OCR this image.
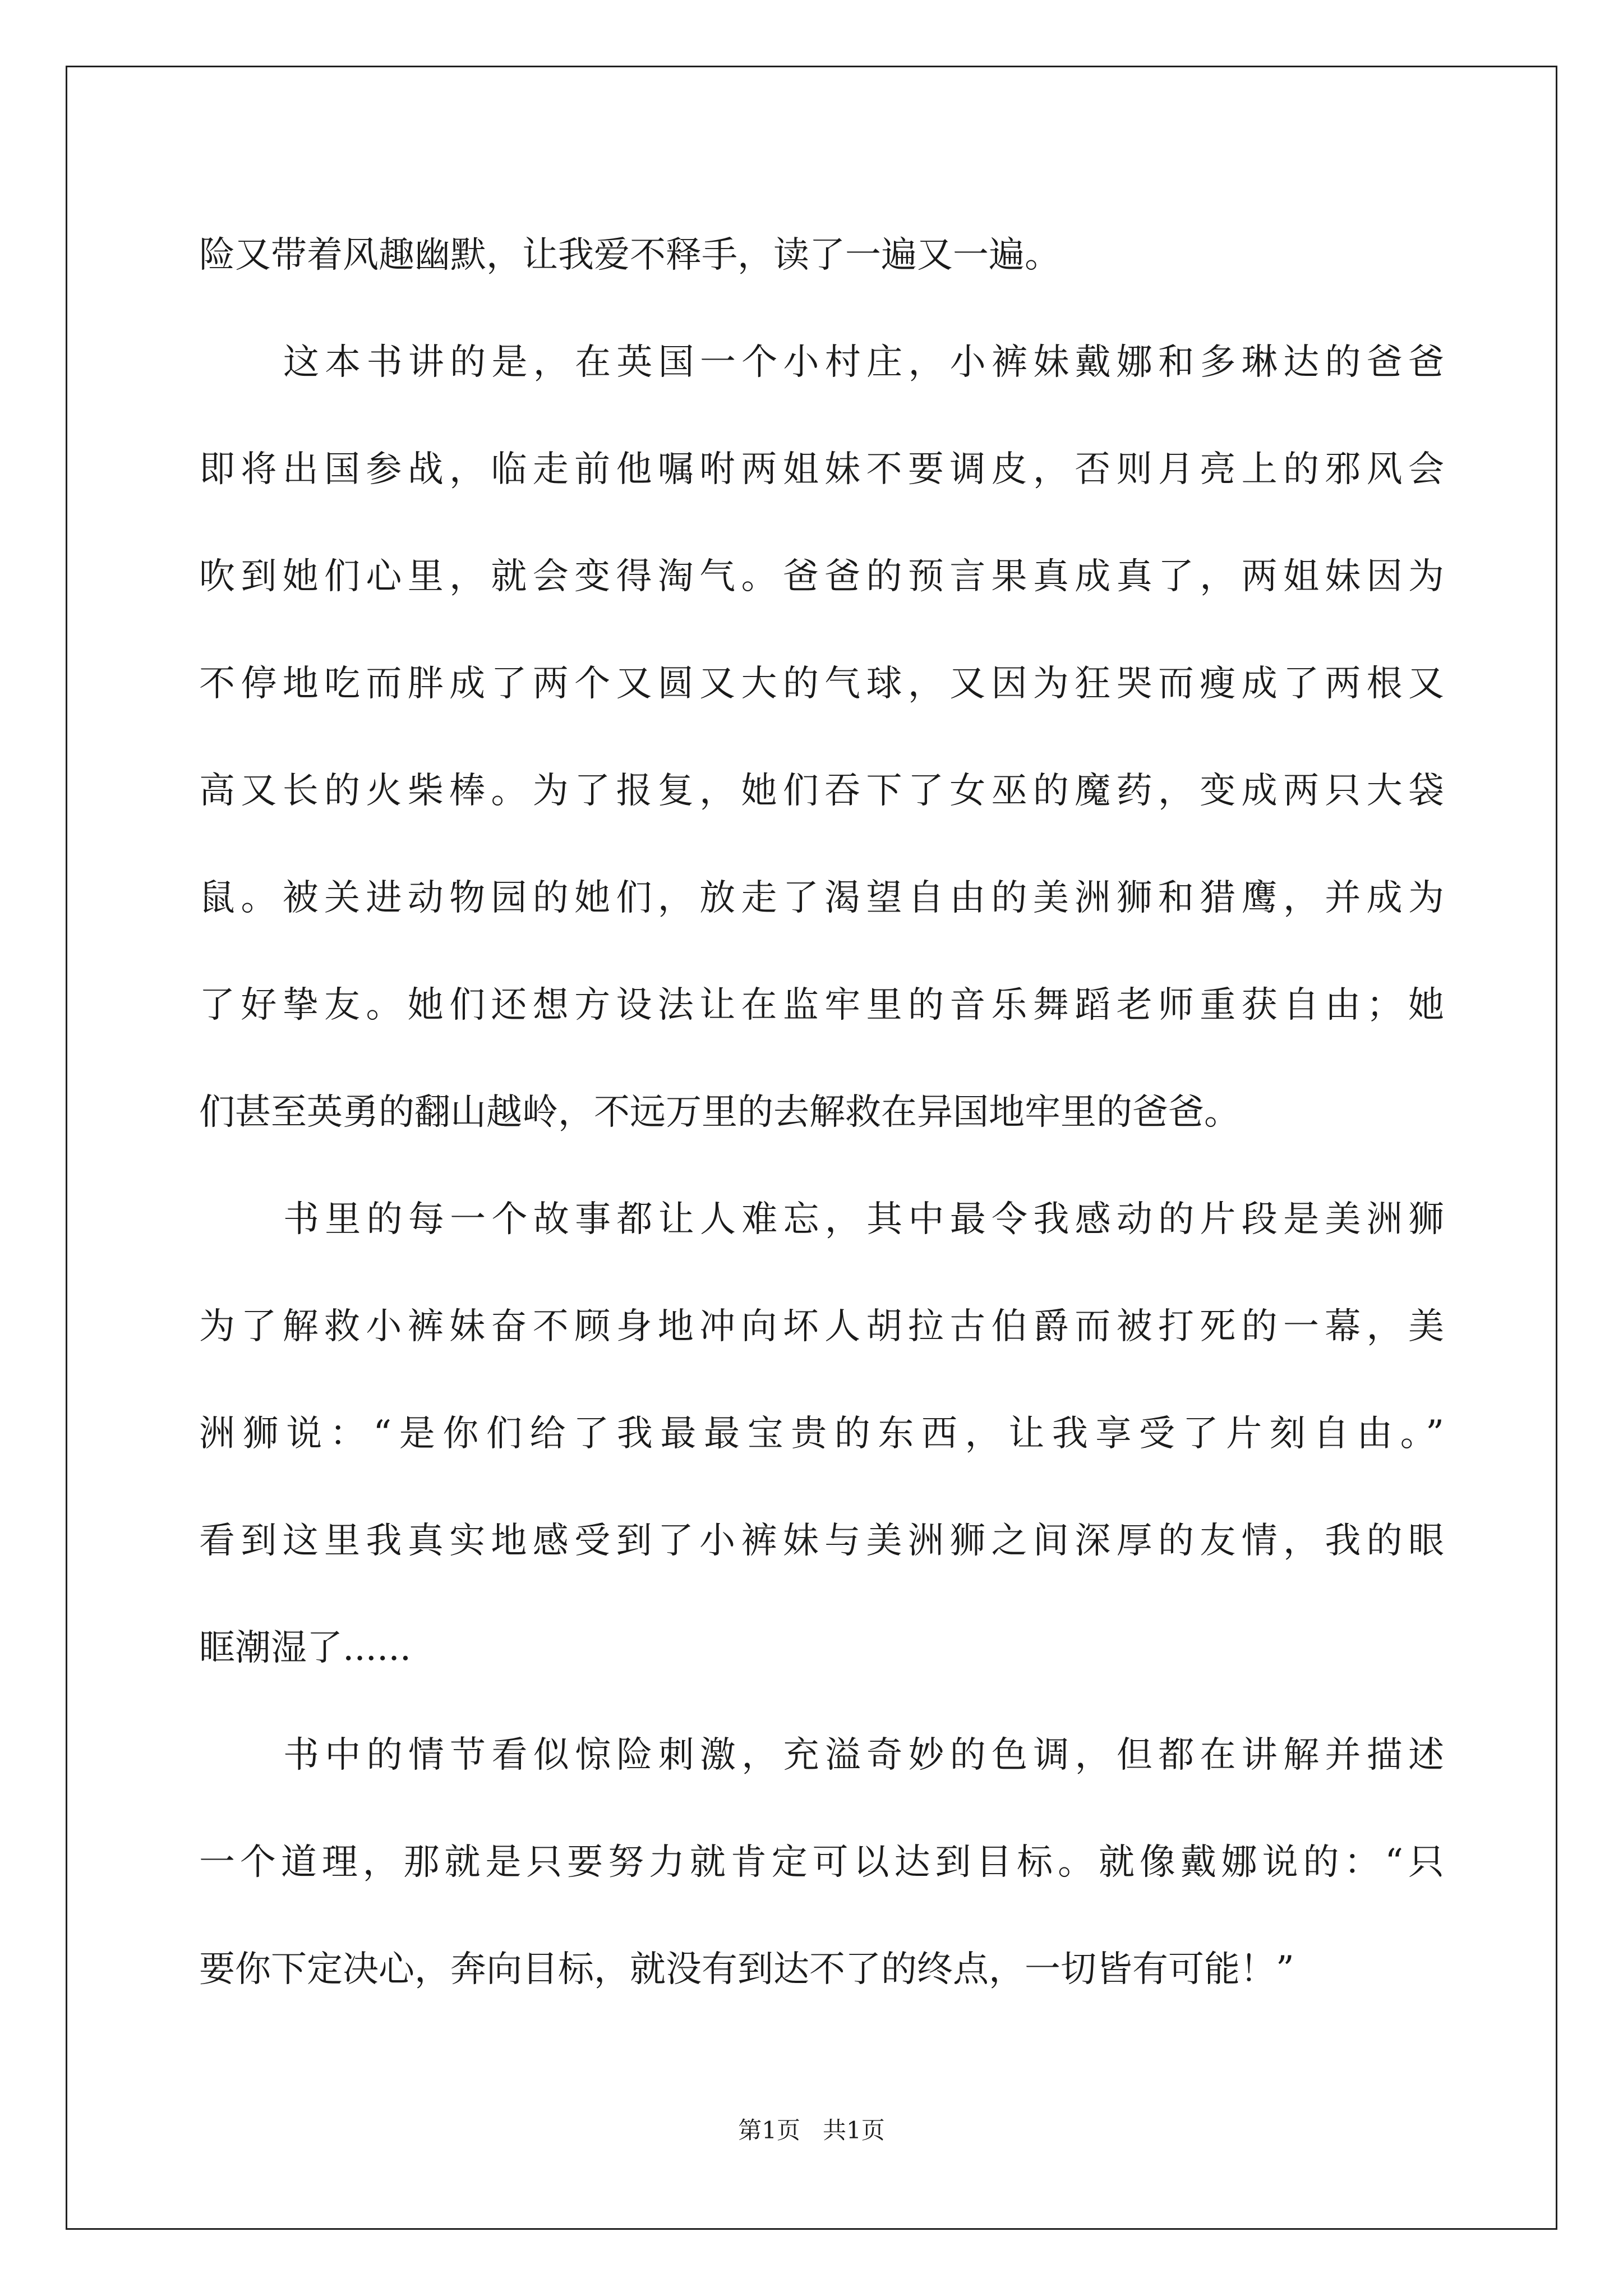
险又带着风趣幽默，让我爱不释手，读了一遍又一遍。
这本书讲的是，在英国一个小村庄，小裤妹戴娜和多琳达的爸爸
即将出国参战，临走前他嘱咐两姐妹不要调皮，否则月亮上的邪风会
吹到她们心里，就会变得淘气。爸爸的预言果真成真了，两姐妹因为
不停地吃而胖成了两个又圆又大的气球，又因为狂哭而瘦成了两根又
高又长的火柴棒。为了报复，她们吞下了女巫的魔药，变成两只大袋
鼠。被关进动物园的她们，放走了渴望自由的美洲狮和猎鹰，并成为
了好挚友。她们还想方设法让在监牢里的音乐舞蹈老师重获自由；她
们甚至英勇的翻山越岭，不远万里的去解救在异国地牢里的爸爸。
书里的每一个故事都让人难忘，其中最令我感动的片段是美洲狮
为了解救小裤妹奋不顾身地冲向坏人胡拉古伯爵而被打死的一幕，美
洲狮说：“是你们给了我最最宝贵的东西，让我享受了片刻自由。”
看到这里我真实地感受到了小裤妹与美洲狮之间深厚的友情，我的眼
眶潮湿了......
书中的情节看似惊险刺激，充溢奇妙的色调，但都在讲解并描述
一个道理，那就是只要努力就肯定可以达到目标。就像戴娜说的：“只
要你下定决心，奔向目标，就没有到达不了的终点，一切皆有可能！”
第1页   共1页
